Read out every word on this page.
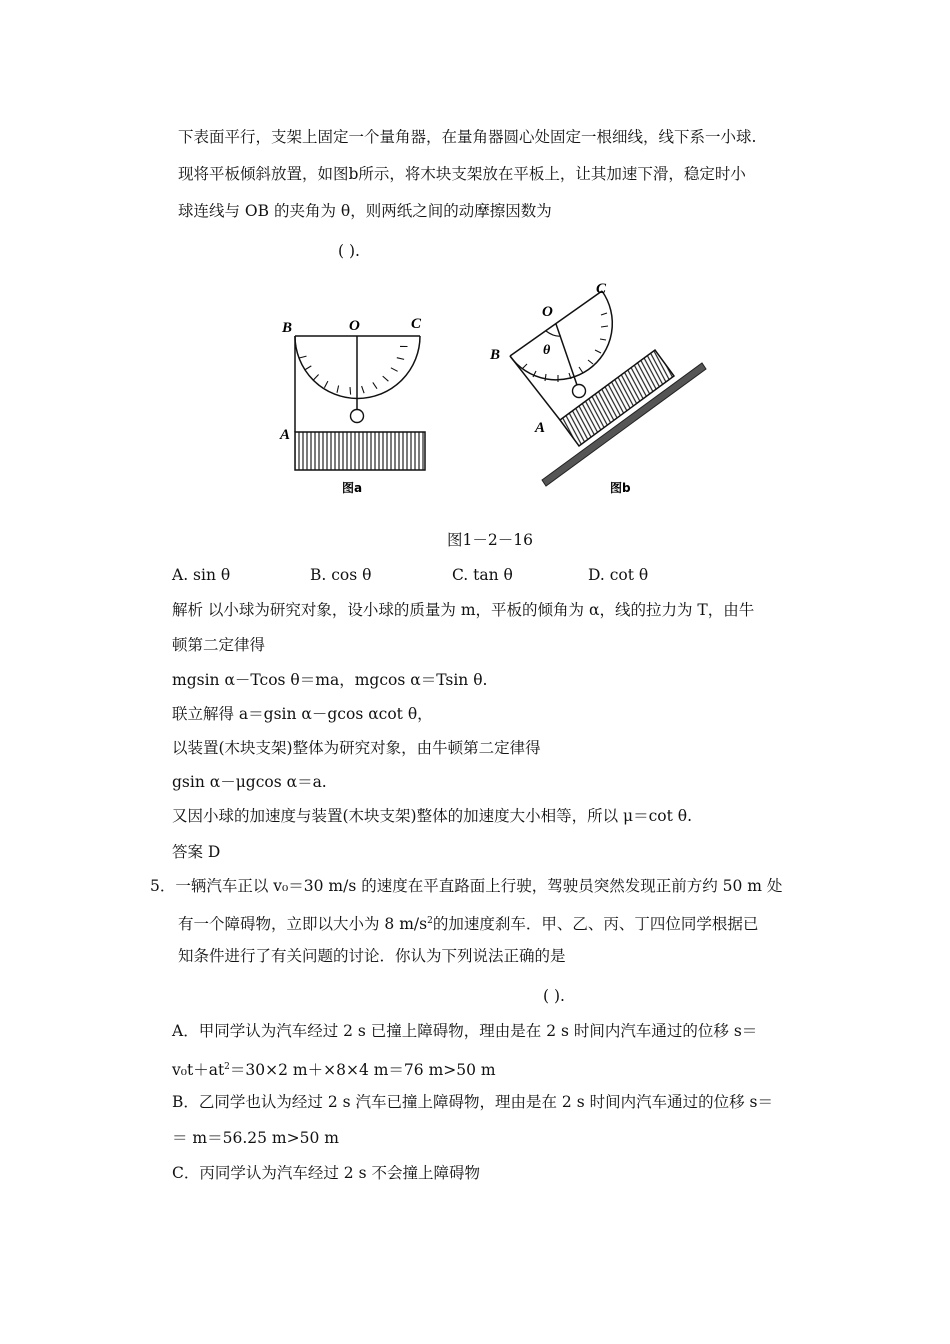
下表面平行，支架上固定一个量角器，在量角器圆心处固定一根细线，线下系一小球.
现将平板倾斜放置，如图b所示，将木块支架放在平板上，让其加速下滑，稳定时小
球连线与 OB 的夹角为 θ，则两纸之间的动摩擦因数为
( ).
B	O	C
A
图a
θ
B
O
C
A
图b
图1－2－16
A. sin θ	B. cos θ	C. tan θ	D. cot θ
解析 以小球为研究对象，设小球的质量为 m，平板的倾角为 α，线的拉力为 T，由牛
顿第二定律得
mgsin α－Tcos θ＝ma，mgcos α＝Tsin θ.
联立解得 a＝gsin α－gcos αcot θ，
以装置(木块支架)整体为研究对象，由牛顿第二定律得
gsin α－μgcos α＝a.
又因小球的加速度与装置(木块支架)整体的加速度大小相等，所以 μ＝cot θ.
答案 D
5．一辆汽车正以 v₀＝30 m/s 的速度在平直路面上行驶，驾驶员突然发现正前方约 50 m 处
有一个障碍物，立即以大小为 8 $m/s^2$的加速度刹车．甲、乙、丙、丁四位同学根据已
知条件进行了有关问题的讨论．你认为下列说法正确的是
( ).
A．甲同学认为汽车经过 2 s 已撞上障碍物，理由是在 2 s 时间内汽车通过的位移 s＝
$v_0t+at^2=30\times 2$ m＋×8×4 m＝76 m>50 m
B．乙同学也认为经过 2 s 汽车已撞上障碍物，理由是在 2 s 时间内汽车通过的位移 s＝
＝ m＝56.25 m>50 m
C．丙同学认为汽车经过 2 s 不会撞上障碍物
